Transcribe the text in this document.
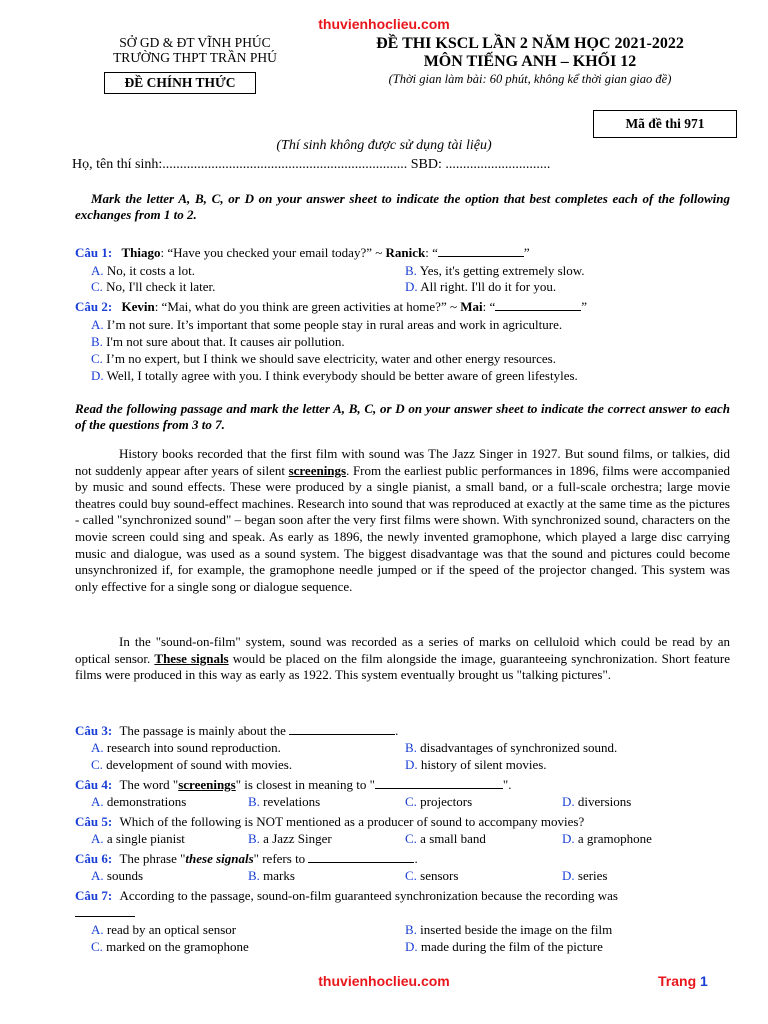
thuvienhoclieu.com
SỞ GD & ĐT VĨNH PHÚC
TRƯỜNG THPT TRẦN PHÚ
ĐỀ CHÍNH THỨC
ĐỀ THI KSCL LẦN 2 NĂM HỌC 2021-2022
MÔN TIẾNG ANH – KHỐI 12
(Thời gian làm bài: 60 phút, không kể thời gian giao đề)
Mã đề thi 971
(Thí sinh không được sử dụng tài liệu)
Họ, tên thí sinh:...................................................................... SBD: ..............................
Mark the letter A, B, C, or D on your answer sheet to indicate the option that best completes each of the following exchanges from 1 to 2.
Câu 1: Thiago: “Have you checked your email today?” ~ Ranick: “	”
A. No, it costs a lot.	B. Yes, it's getting extremely slow.
C. No, I'll check it later.	D. All right. I'll do it for you.
Câu 2: Kevin: “Mai, what do you think are green activities at home?” ~ Mai: “	”
A. I’m not sure. It’s important that some people stay in rural areas and work in agriculture.
B. I'm not sure about that. It causes air pollution.
C. I’m no expert, but I think we should save electricity, water and other energy resources.
D. Well, I totally agree with you. I think everybody should be better aware of green lifestyles.
Read the following passage and mark the letter A, B, C, or D on your answer sheet to indicate the correct answer to each of the questions from 3 to 7.
History books recorded that the first film with sound was The Jazz Singer in 1927. But sound films, or talkies, did not suddenly appear after years of silent screenings. From the earliest public performances in 1896, films were accompanied by music and sound effects. These were produced by a single pianist, a small band, or a full-scale orchestra; large movie theatres could buy sound-effect machines. Research into sound that was reproduced at exactly at the same time as the pictures - called "synchronized sound" – began soon after the very first films were shown. With synchronized sound, characters on the movie screen could sing and speak. As early as 1896, the newly invented gramophone, which played a large disc carrying music and dialogue, was used as a sound system. The biggest disadvantage was that the sound and pictures could become unsynchronized if, for example, the gramophone needle jumped or if the speed of the projector changed. This system was only effective for a single song or dialogue sequence.
In the "sound-on-film" system, sound was recorded as a series of marks on celluloid which could be read by an optical sensor. These signals would be placed on the film alongside the image, guaranteeing synchronization. Short feature films were produced in this way as early as 1922. This system eventually brought us "talking pictures".
Câu 3: The passage is mainly about the	.
A. research into sound reproduction.	B. disadvantages of synchronized sound.
C. development of sound with movies.	D. history of silent movies.
Câu 4: The word "screenings" is closest in meaning to "	".
A. demonstrations	B. revelations	C. projectors	D. diversions
Câu 5: Which of the following is NOT mentioned as a producer of sound to accompany movies?
A. a single pianist	B. a Jazz Singer	C. a small band	D. a gramophone
Câu 6: The phrase "these signals" refers to	.
A. sounds	B. marks	C. sensors	D. series
Câu 7: According to the passage, sound-on-film guaranteed synchronization because the recording was
A. read by an optical sensor	B. inserted beside the image on the film
C. marked on the gramophone	D. made during the film of the picture
thuvienhoclieu.com	Trang 1
